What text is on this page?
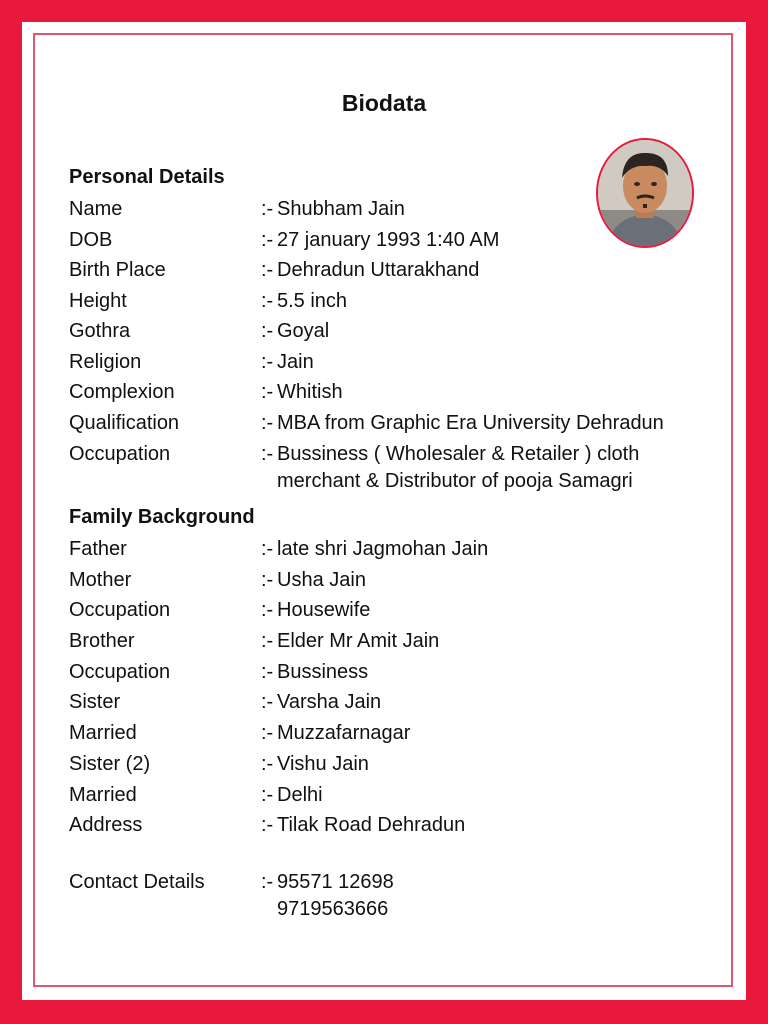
Biodata
Personal Details
Name	:- Shubham Jain
DOB	:- 27 january 1993 1:40 AM
Birth Place	:- Dehradun Uttarakhand
Height	:- 5.5 inch
Gothra	:- Goyal
Religion	:- Jain
Complexion	:- Whitish
Qualification	:- MBA from Graphic Era University Dehradun
Occupation	:- Bussiness ( Wholesaler & Retailer ) cloth
merchant & Distributor of pooja Samagri
Family Background
Father	:- late shri Jagmohan Jain
Mother	:- Usha Jain
Occupation	:- Housewife
Brother	:- Elder Mr Amit Jain
Occupation	:- Bussiness
Sister	:- Varsha Jain
Married	:- Muzzafarnagar
Sister (2)	:- Vishu Jain
Married	:- Delhi
Address	:- Tilak Road Dehradun
Contact Details	:- 95571 12698
9719563666
